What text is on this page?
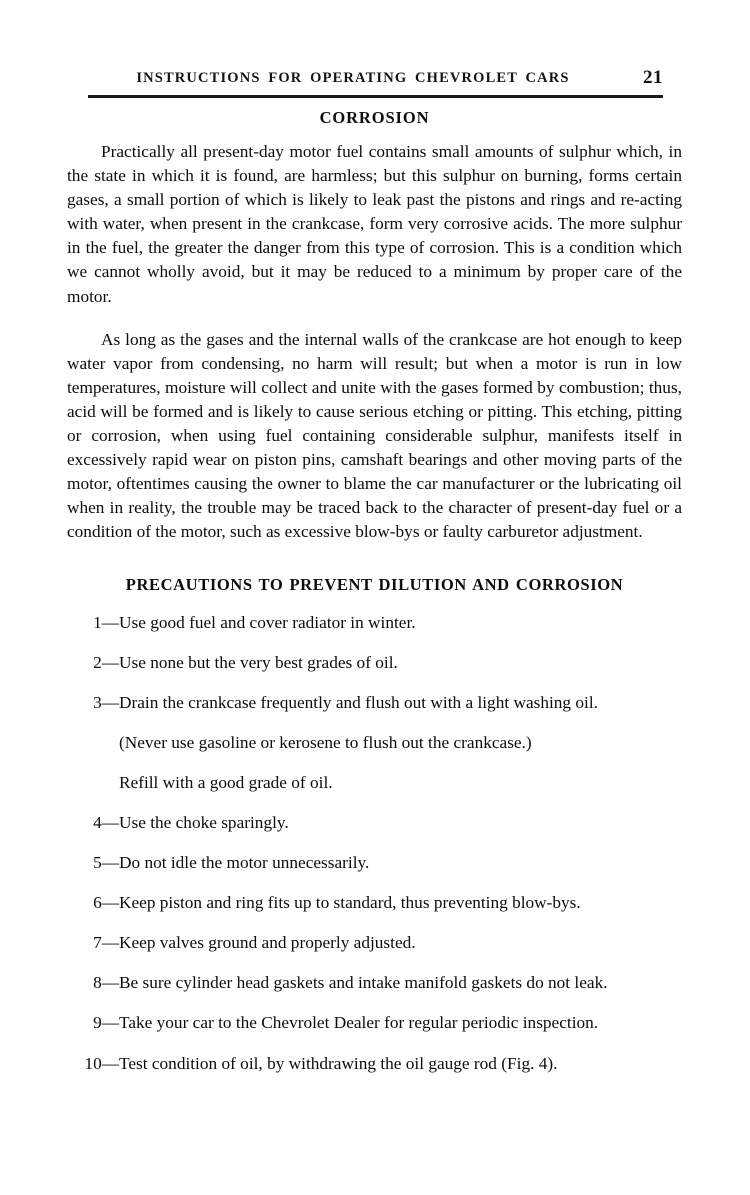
INSTRUCTIONS FOR OPERATING CHEVROLET CARS	21
CORROSION

Practically all present-day motor fuel contains small amounts of sulphur which, in the state in which it is found, are harmless; but this sulphur on burning, forms certain gases, a small portion of which is likely to leak past the pistons and rings and re-acting with water, when present in the crankcase, form very corrosive acids. The more sulphur in the fuel, the greater the danger from this type of corrosion. This is a condition which we cannot wholly avoid, but it may be reduced to a minimum by proper care of the motor.

As long as the gases and the internal walls of the crankcase are hot enough to keep water vapor from condensing, no harm will result; but when a motor is run in low temperatures, moisture will collect and unite with the gases formed by combustion; thus, acid will be formed and is likely to cause serious etching or pitting. This etching, pitting or corrosion, when using fuel containing considerable sulphur, manifests itself in excessively rapid wear on piston pins, camshaft bearings and other moving parts of the motor, oftentimes causing the owner to blame the car manufacturer or the lubricating oil when in reality, the trouble may be traced back to the character of present-day fuel or a condition of the motor, such as excessive blow-bys or faulty carburetor adjustment.

PRECAUTIONS TO PREVENT DILUTION AND CORROSION
1— Use good fuel and cover radiator in winter.
2— Use none but the very best grades of oil.
3— Drain the crankcase frequently and flush out with a light washing oil.
(Never use gasoline or kerosene to flush out the crankcase.)
Refill with a good grade of oil.
4— Use the choke sparingly.
5— Do not idle the motor unnecessarily.
6— Keep piston and ring fits up to standard, thus preventing blow-bys.
7— Keep valves ground and properly adjusted.
8— Be sure cylinder head gaskets and intake manifold gaskets do not leak.
9— Take your car to the Chevrolet Dealer for regular periodic inspection.
10— Test condition of oil, by withdrawing the oil gauge rod (Fig. 4).
